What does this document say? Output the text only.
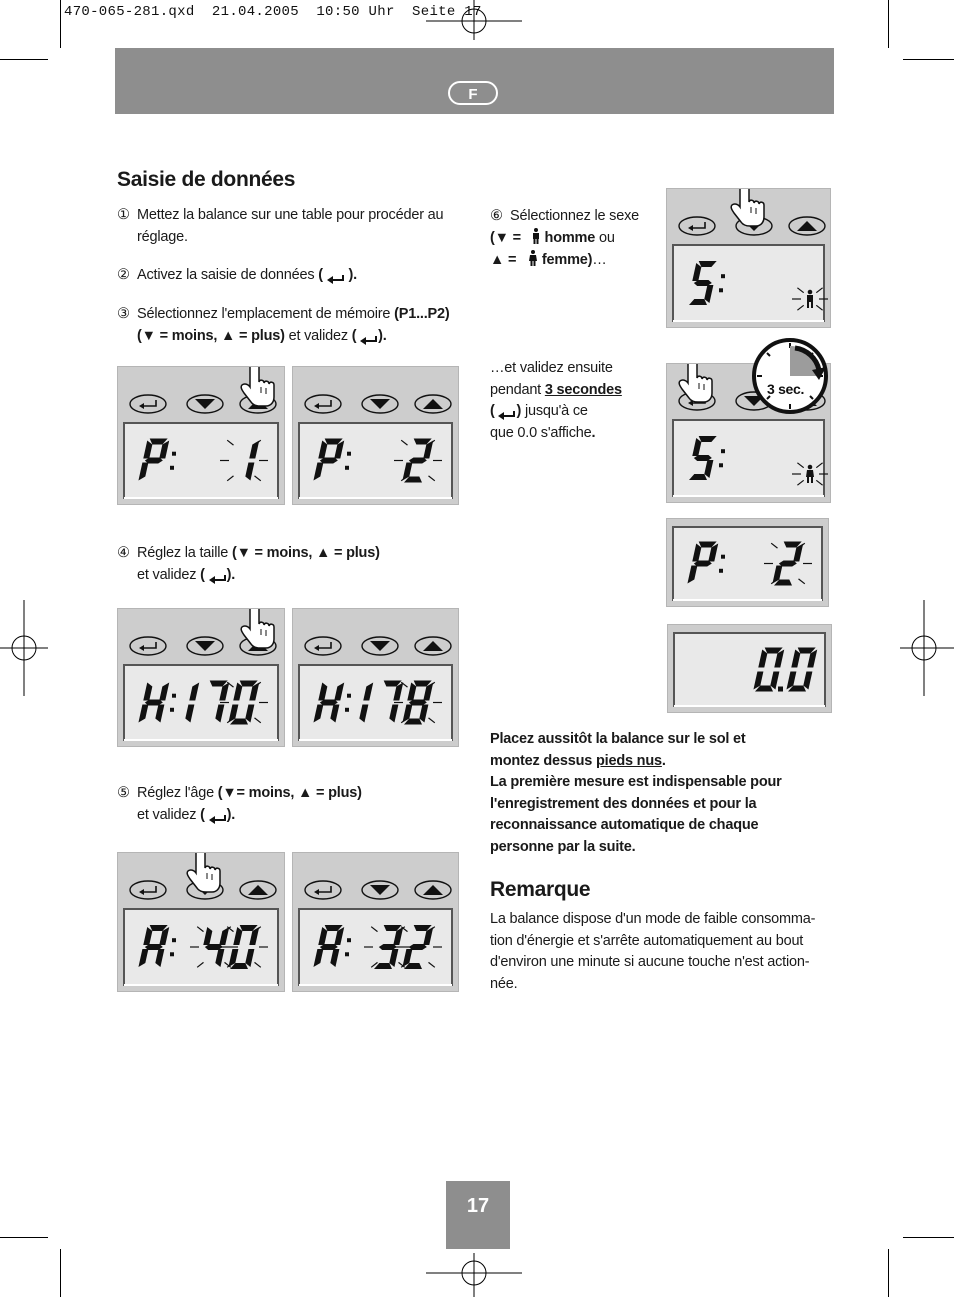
470-065-281.qxd  21.04.2005  10:50 Uhr  Seite 17
F
Saisie de données
① Mettez la balance sur une table pour procéder au réglage.
② Activez la saisie de données (  ).
③ Sélectionnez l'emplacement de mémoire (P1...P2)
(▼ = moins, ▲ = plus) et validez ( ).
④ Réglez la taille (▼ = moins, ▲ = plus)
et validez ( ).
⑤ Réglez l'âge (▼= moins, ▲ = plus)
et validez ( ).
⑥ Sélectionnez le sexe
(▼ =  homme ou
▲ =  femme)…
…et validez ensuite
pendant 3 secondes
( ) jusqu'à ce
que 0.0 s'affiche.
3 sec.
Placez aussitôt la balance sur le sol et
montez dessus pieds nus.
La première mesure est indispensable pour
l'enregistrement des données et pour la
reconnaissance automatique de chaque
personne par la suite.
Remarque
La balance dispose d'un mode de faible consomma-
tion d'énergie et s'arrête automatiquement au bout
d'environ une minute si aucune touche n'est action-
née.
17
